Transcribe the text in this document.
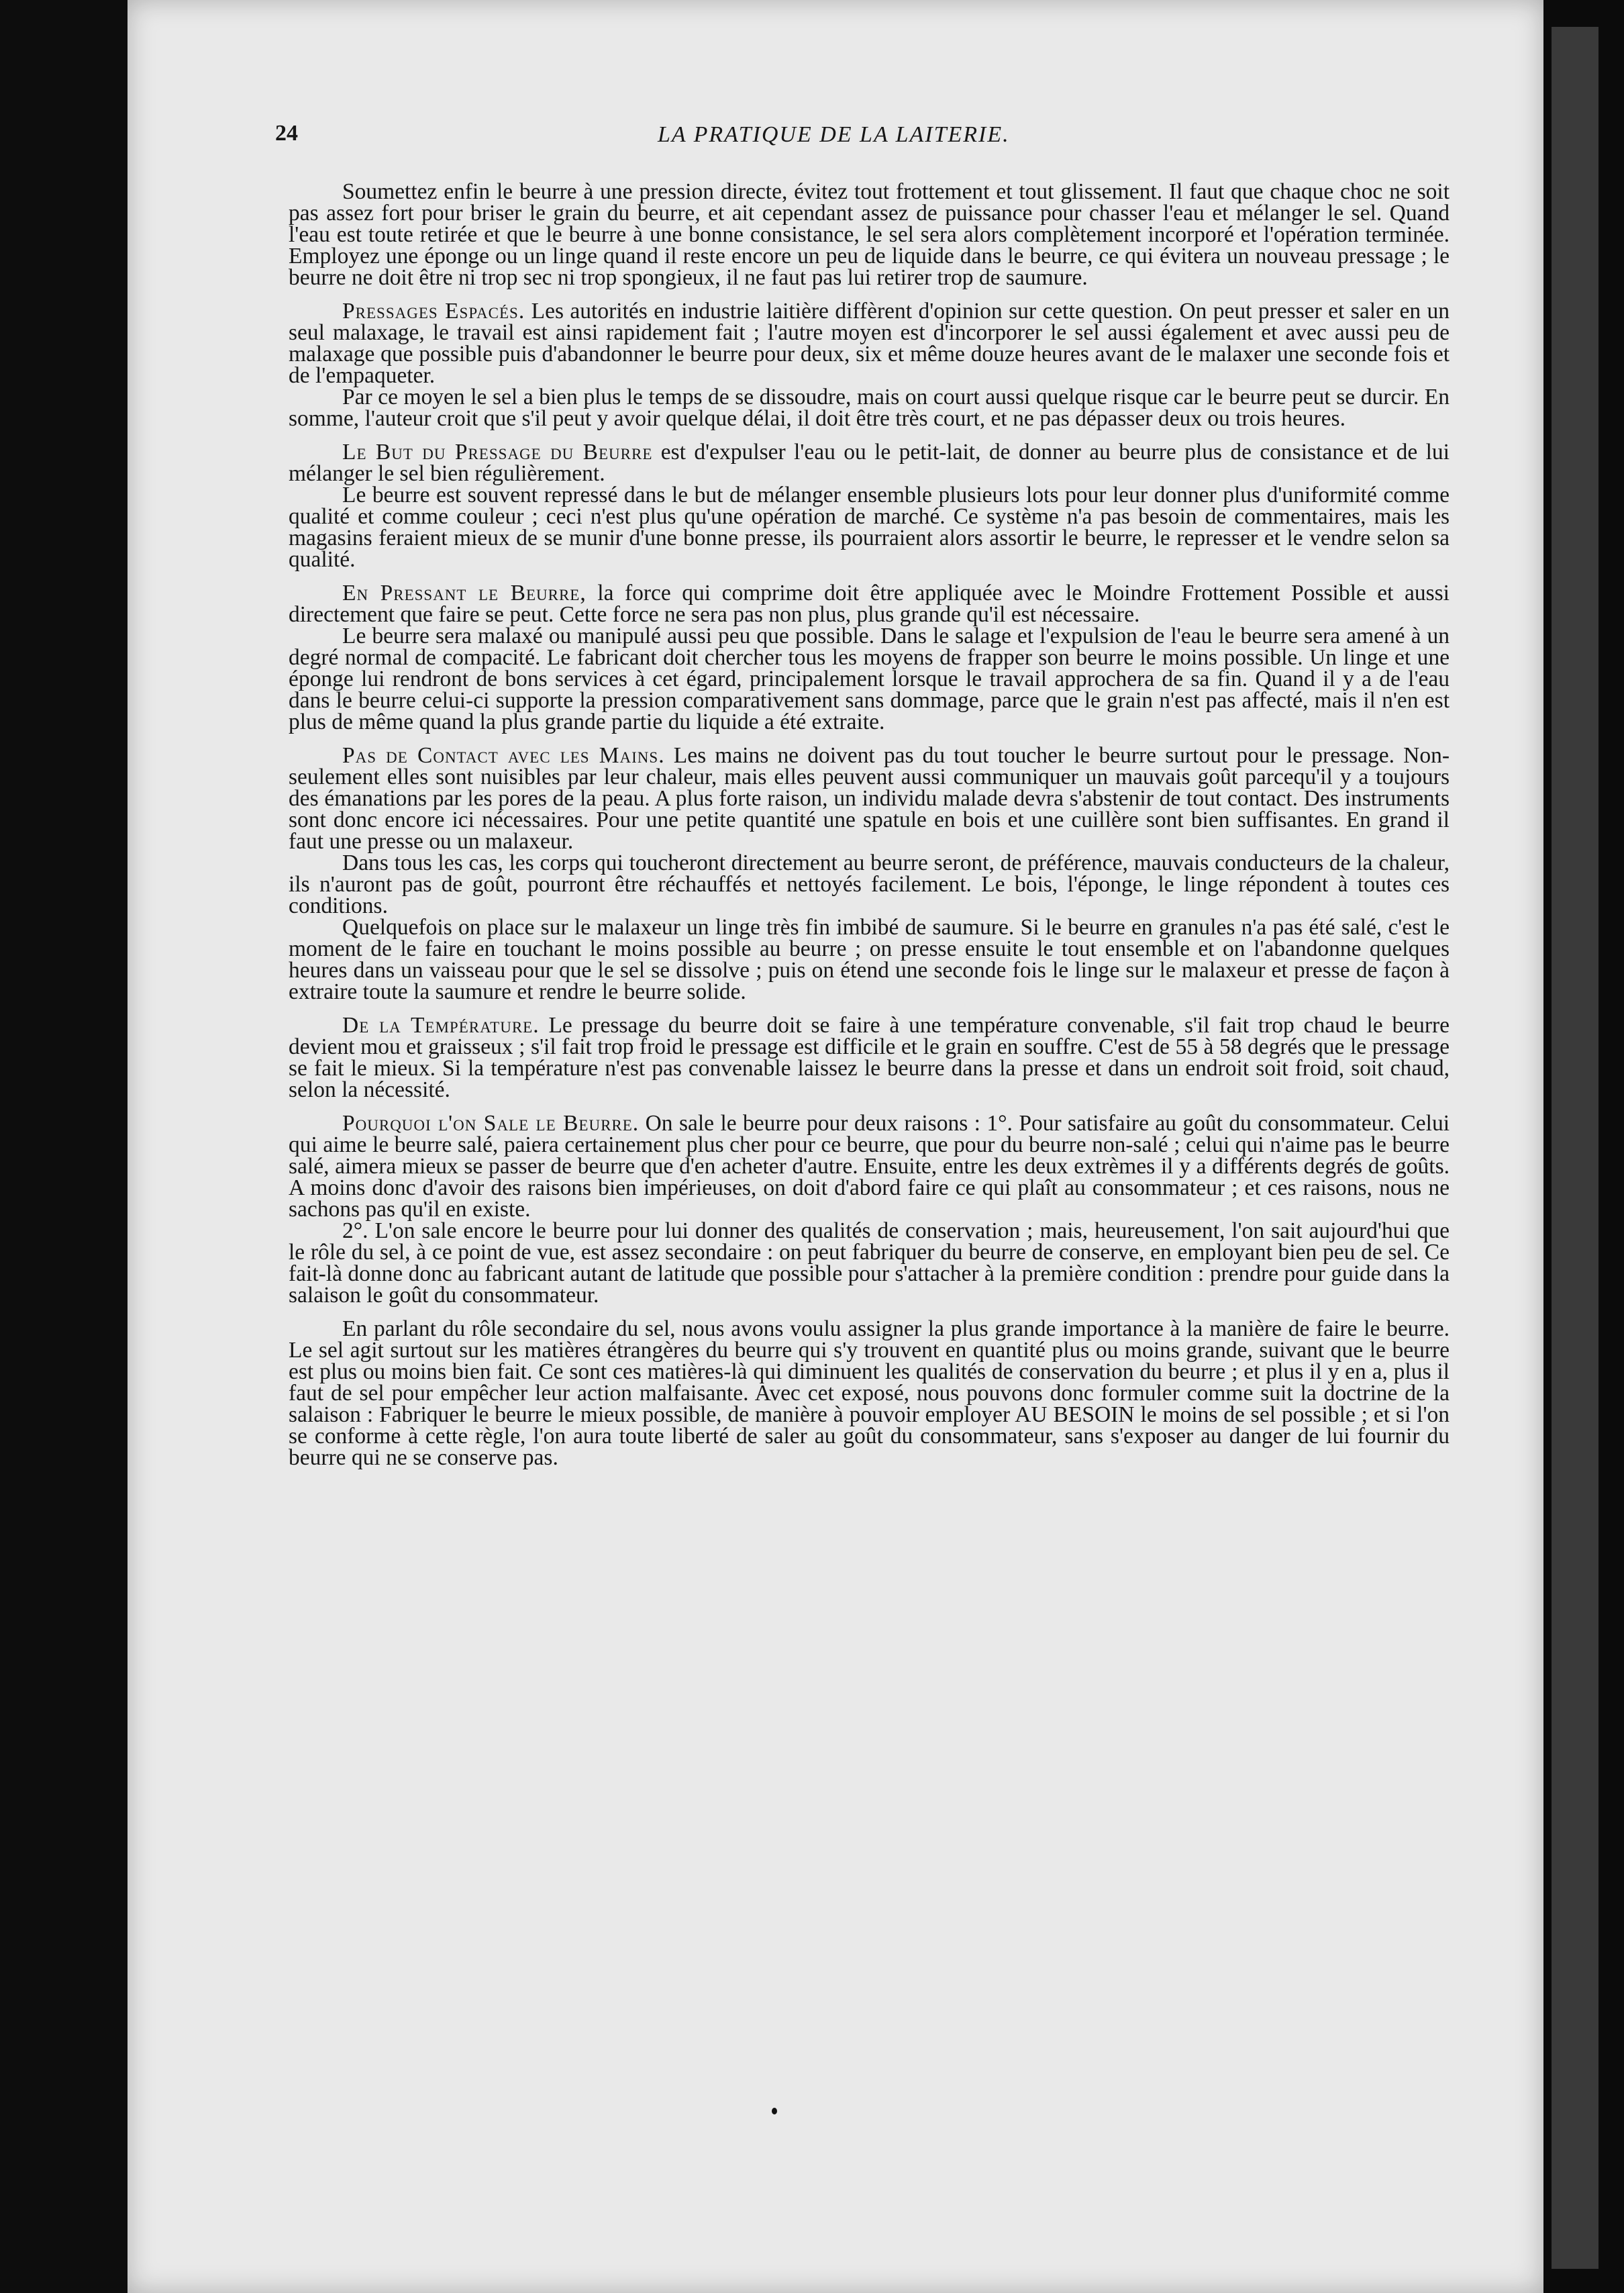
24	LA PRATIQUE DE LA LAITERIE.

Soumettez enfin le beurre à une pression directe, évitez tout frottement et tout glissement. Il faut que chaque choc ne soit pas assez fort pour briser le grain du beurre, et ait cependant assez de puissance pour chasser l'eau et mélanger le sel. Quand l'eau est toute retirée et que le beurre à une bonne consistance, le sel sera alors complètement incorporé et l'opération terminée. Employez une éponge ou un linge quand il reste encore un peu de liquide dans le beurre, ce qui évitera un nouveau pressage ; le beurre ne doit être ni trop sec ni trop spongieux, il ne faut pas lui retirer trop de saumure.

Pressages Espacés. Les autorités en industrie laitière diffèrent d'opinion sur cette question. On peut presser et saler en un seul malaxage, le travail est ainsi rapidement fait ; l'autre moyen est d'incorporer le sel aussi également et avec aussi peu de malaxage que possible puis d'abandonner le beurre pour deux, six et même douze heures avant de le malaxer une seconde fois et de l'empaqueter.

Par ce moyen le sel a bien plus le temps de se dissoudre, mais on court aussi quelque risque car le beurre peut se durcir. En somme, l'auteur croit que s'il peut y avoir quelque délai, il doit être très court, et ne pas dépasser deux ou trois heures.

Le But du Pressage du Beurre est d'expulser l'eau ou le petit-lait, de donner au beurre plus de consistance et de lui mélanger le sel bien régulièrement.

Le beurre est souvent repressé dans le but de mélanger ensemble plusieurs lots pour leur donner plus d'uniformité comme qualité et comme couleur ; ceci n'est plus qu'une opération de marché. Ce système n'a pas besoin de commentaires, mais les magasins feraient mieux de se munir d'une bonne presse, ils pourraient alors assortir le beurre, le represser et le vendre selon sa qualité.

En Pressant le Beurre, la force qui comprime doit être appliquée avec le Moindre Frottement Possible et aussi directement que faire se peut. Cette force ne sera pas non plus, plus grande qu'il est nécessaire.

Le beurre sera malaxé ou manipulé aussi peu que possible. Dans le salage et l'expulsion de l'eau le beurre sera amené à un degré normal de compacité. Le fabricant doit chercher tous les moyens de frapper son beurre le moins possible. Un linge et une éponge lui rendront de bons services à cet égard, principalement lorsque le travail approchera de sa fin. Quand il y a de l'eau dans le beurre celui-ci supporte la pression comparativement sans dommage, parce que le grain n'est pas affecté, mais il n'en est plus de même quand la plus grande partie du liquide a été extraite.

Pas de Contact avec les Mains. Les mains ne doivent pas du tout toucher le beurre surtout pour le pressage. Non-seulement elles sont nuisibles par leur chaleur, mais elles peuvent aussi communiquer un mauvais goût parcequ'il y a toujours des émanations par les pores de la peau. A plus forte raison, un individu malade devra s'abstenir de tout contact. Des instruments sont donc encore ici nécessaires. Pour une petite quantité une spatule en bois et une cuillère sont bien suffisantes. En grand il faut une presse ou un malaxeur.

Dans tous les cas, les corps qui toucheront directement au beurre seront, de préférence, mauvais conducteurs de la chaleur, ils n'auront pas de goût, pourront être réchauffés et nettoyés facilement. Le bois, l'éponge, le linge répondent à toutes ces conditions.

Quelquefois on place sur le malaxeur un linge très fin imbibé de saumure. Si le beurre en granules n'a pas été salé, c'est le moment de le faire en touchant le moins possible au beurre ; on presse ensuite le tout ensemble et on l'abandonne quelques heures dans un vaisseau pour que le sel se dissolve ; puis on étend une seconde fois le linge sur le malaxeur et presse de façon à extraire toute la saumure et rendre le beurre solide.

De la Température. Le pressage du beurre doit se faire à une température convenable, s'il fait trop chaud le beurre devient mou et graisseux ; s'il fait trop froid le pressage est difficile et le grain en souffre. C'est de 55 à 58 degrés que le pressage se fait le mieux. Si la température n'est pas convenable laissez le beurre dans la presse et dans un endroit soit froid, soit chaud, selon la nécessité.

Pourquoi l'on Sale le Beurre. On sale le beurre pour deux raisons : 1°. Pour satisfaire au goût du consommateur. Celui qui aime le beurre salé, paiera certainement plus cher pour ce beurre, que pour du beurre non-salé ; celui qui n'aime pas le beurre salé, aimera mieux se passer de beurre que d'en acheter d'autre. Ensuite, entre les deux extrèmes il y a différents degrés de goûts. A moins donc d'avoir des raisons bien impérieuses, on doit d'abord faire ce qui plaît au consommateur ; et ces raisons, nous ne sachons pas qu'il en existe.

2°. L'on sale encore le beurre pour lui donner des qualités de conservation ; mais, heureusement, l'on sait aujourd'hui que le rôle du sel, à ce point de vue, est assez secondaire : on peut fabriquer du beurre de conserve, en employant bien peu de sel. Ce fait-là donne donc au fabricant autant de latitude que possible pour s'attacher à la première condition : prendre pour guide dans la salaison le goût du consommateur.

En parlant du rôle secondaire du sel, nous avons voulu assigner la plus grande importance à la manière de faire le beurre. Le sel agit surtout sur les matières étrangères du beurre qui s'y trouvent en quantité plus ou moins grande, suivant que le beurre est plus ou moins bien fait. Ce sont ces matières-là qui diminuent les qualités de conservation du beurre ; et plus il y en a, plus il faut de sel pour empêcher leur action malfaisante. Avec cet exposé, nous pouvons donc formuler comme suit la doctrine de la salaison : Fabriquer le beurre le mieux possible, de manière à pouvoir employer AU BESOIN le moins de sel possible ; et si l'on se conforme à cette règle, l'on aura toute liberté de saler au goût du consommateur, sans s'exposer au danger de lui fournir du beurre qui ne se conserve pas.
